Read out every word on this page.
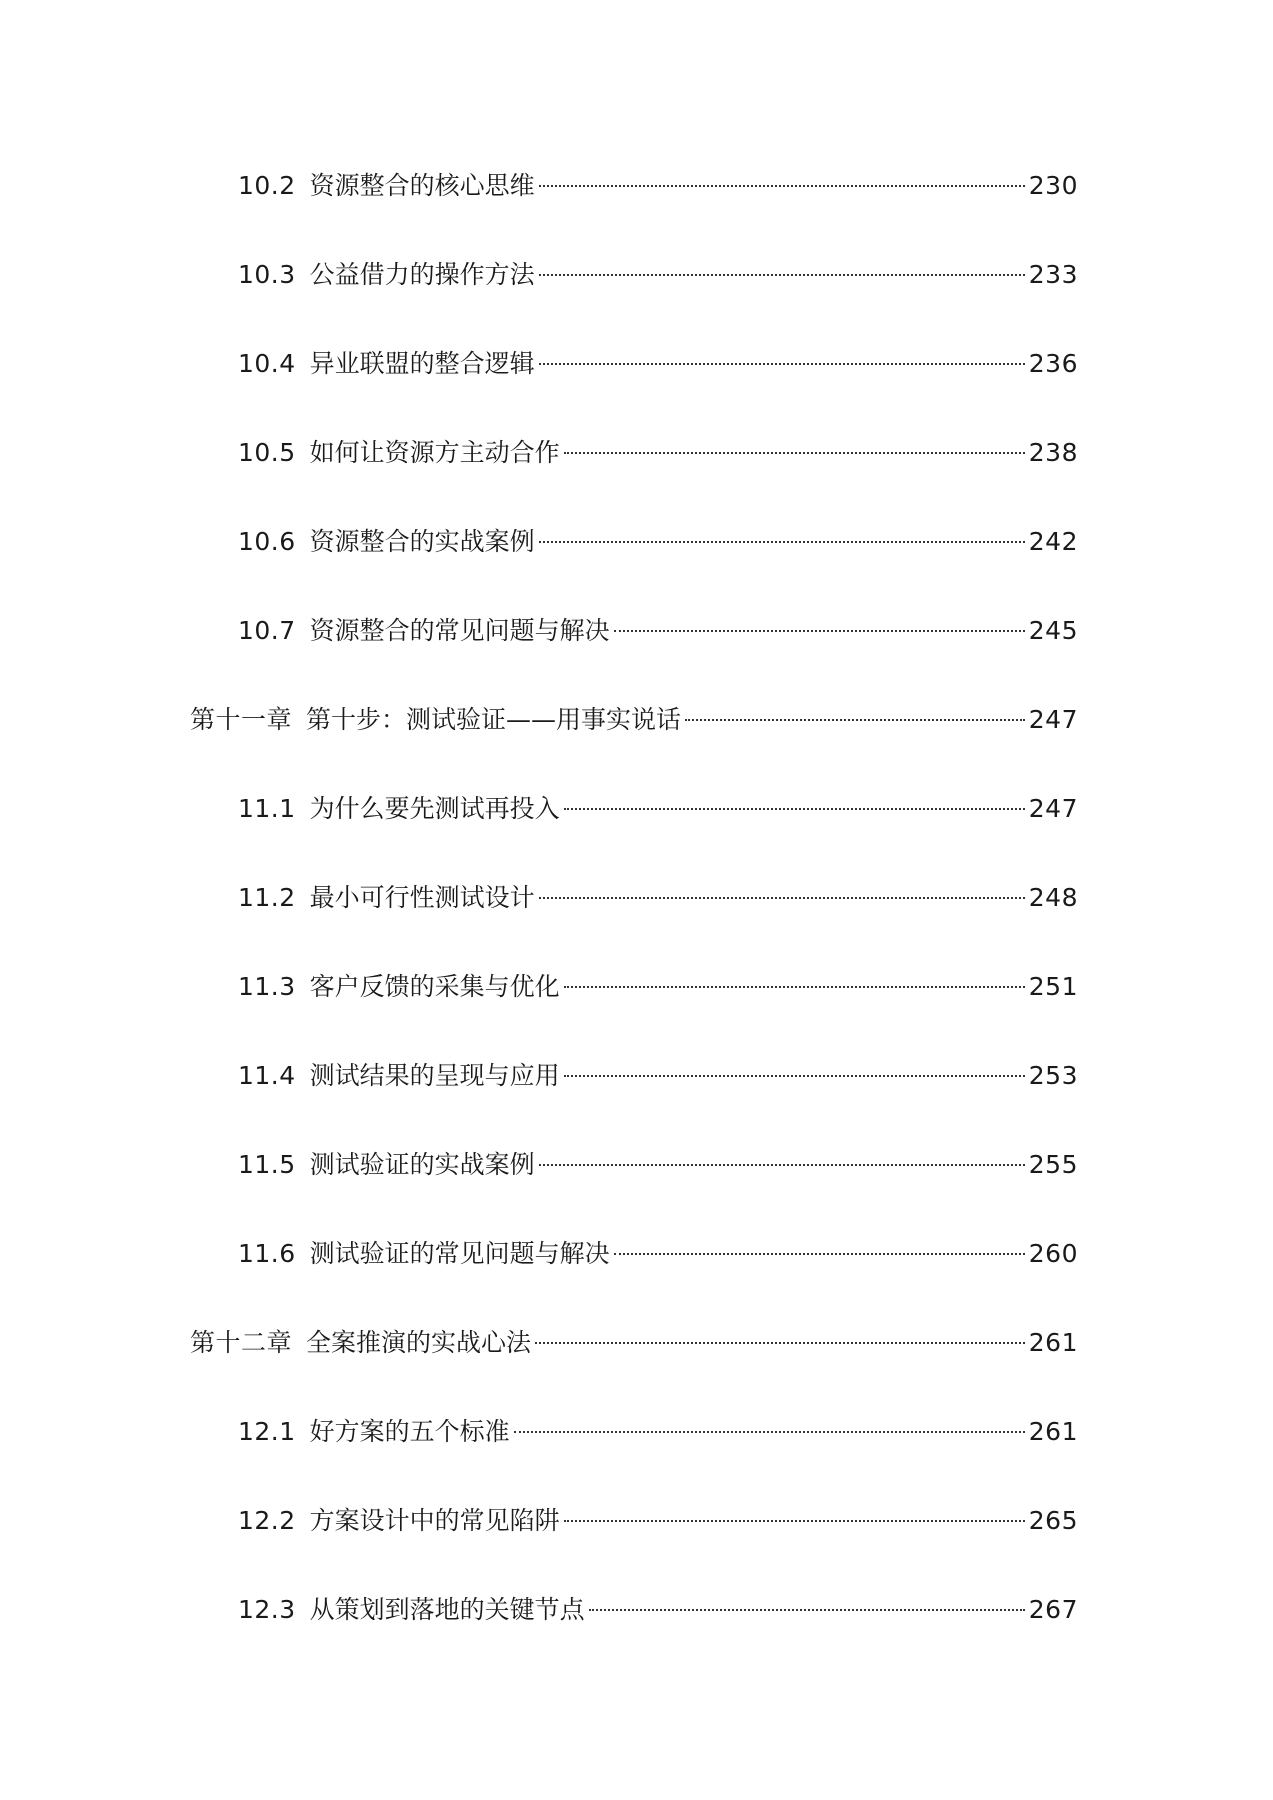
10.2 资源整合的核心思维	230
10.3 公益借力的操作方法	233
10.4 异业联盟的整合逻辑	236
10.5 如何让资源方主动合作	238
10.6 资源整合的实战案例	242
10.7 资源整合的常见问题与解决	245
第十一章 第十步：测试验证——用事实说话	247
11.1 为什么要先测试再投入	247
11.2 最小可行性测试设计	248
11.3 客户反馈的采集与优化	251
11.4 测试结果的呈现与应用	253
11.5 测试验证的实战案例	255
11.6 测试验证的常见问题与解决	260
第十二章 全案推演的实战心法	261
12.1 好方案的五个标准	261
12.2 方案设计中的常见陷阱	265
12.3 从策划到落地的关键节点	267
